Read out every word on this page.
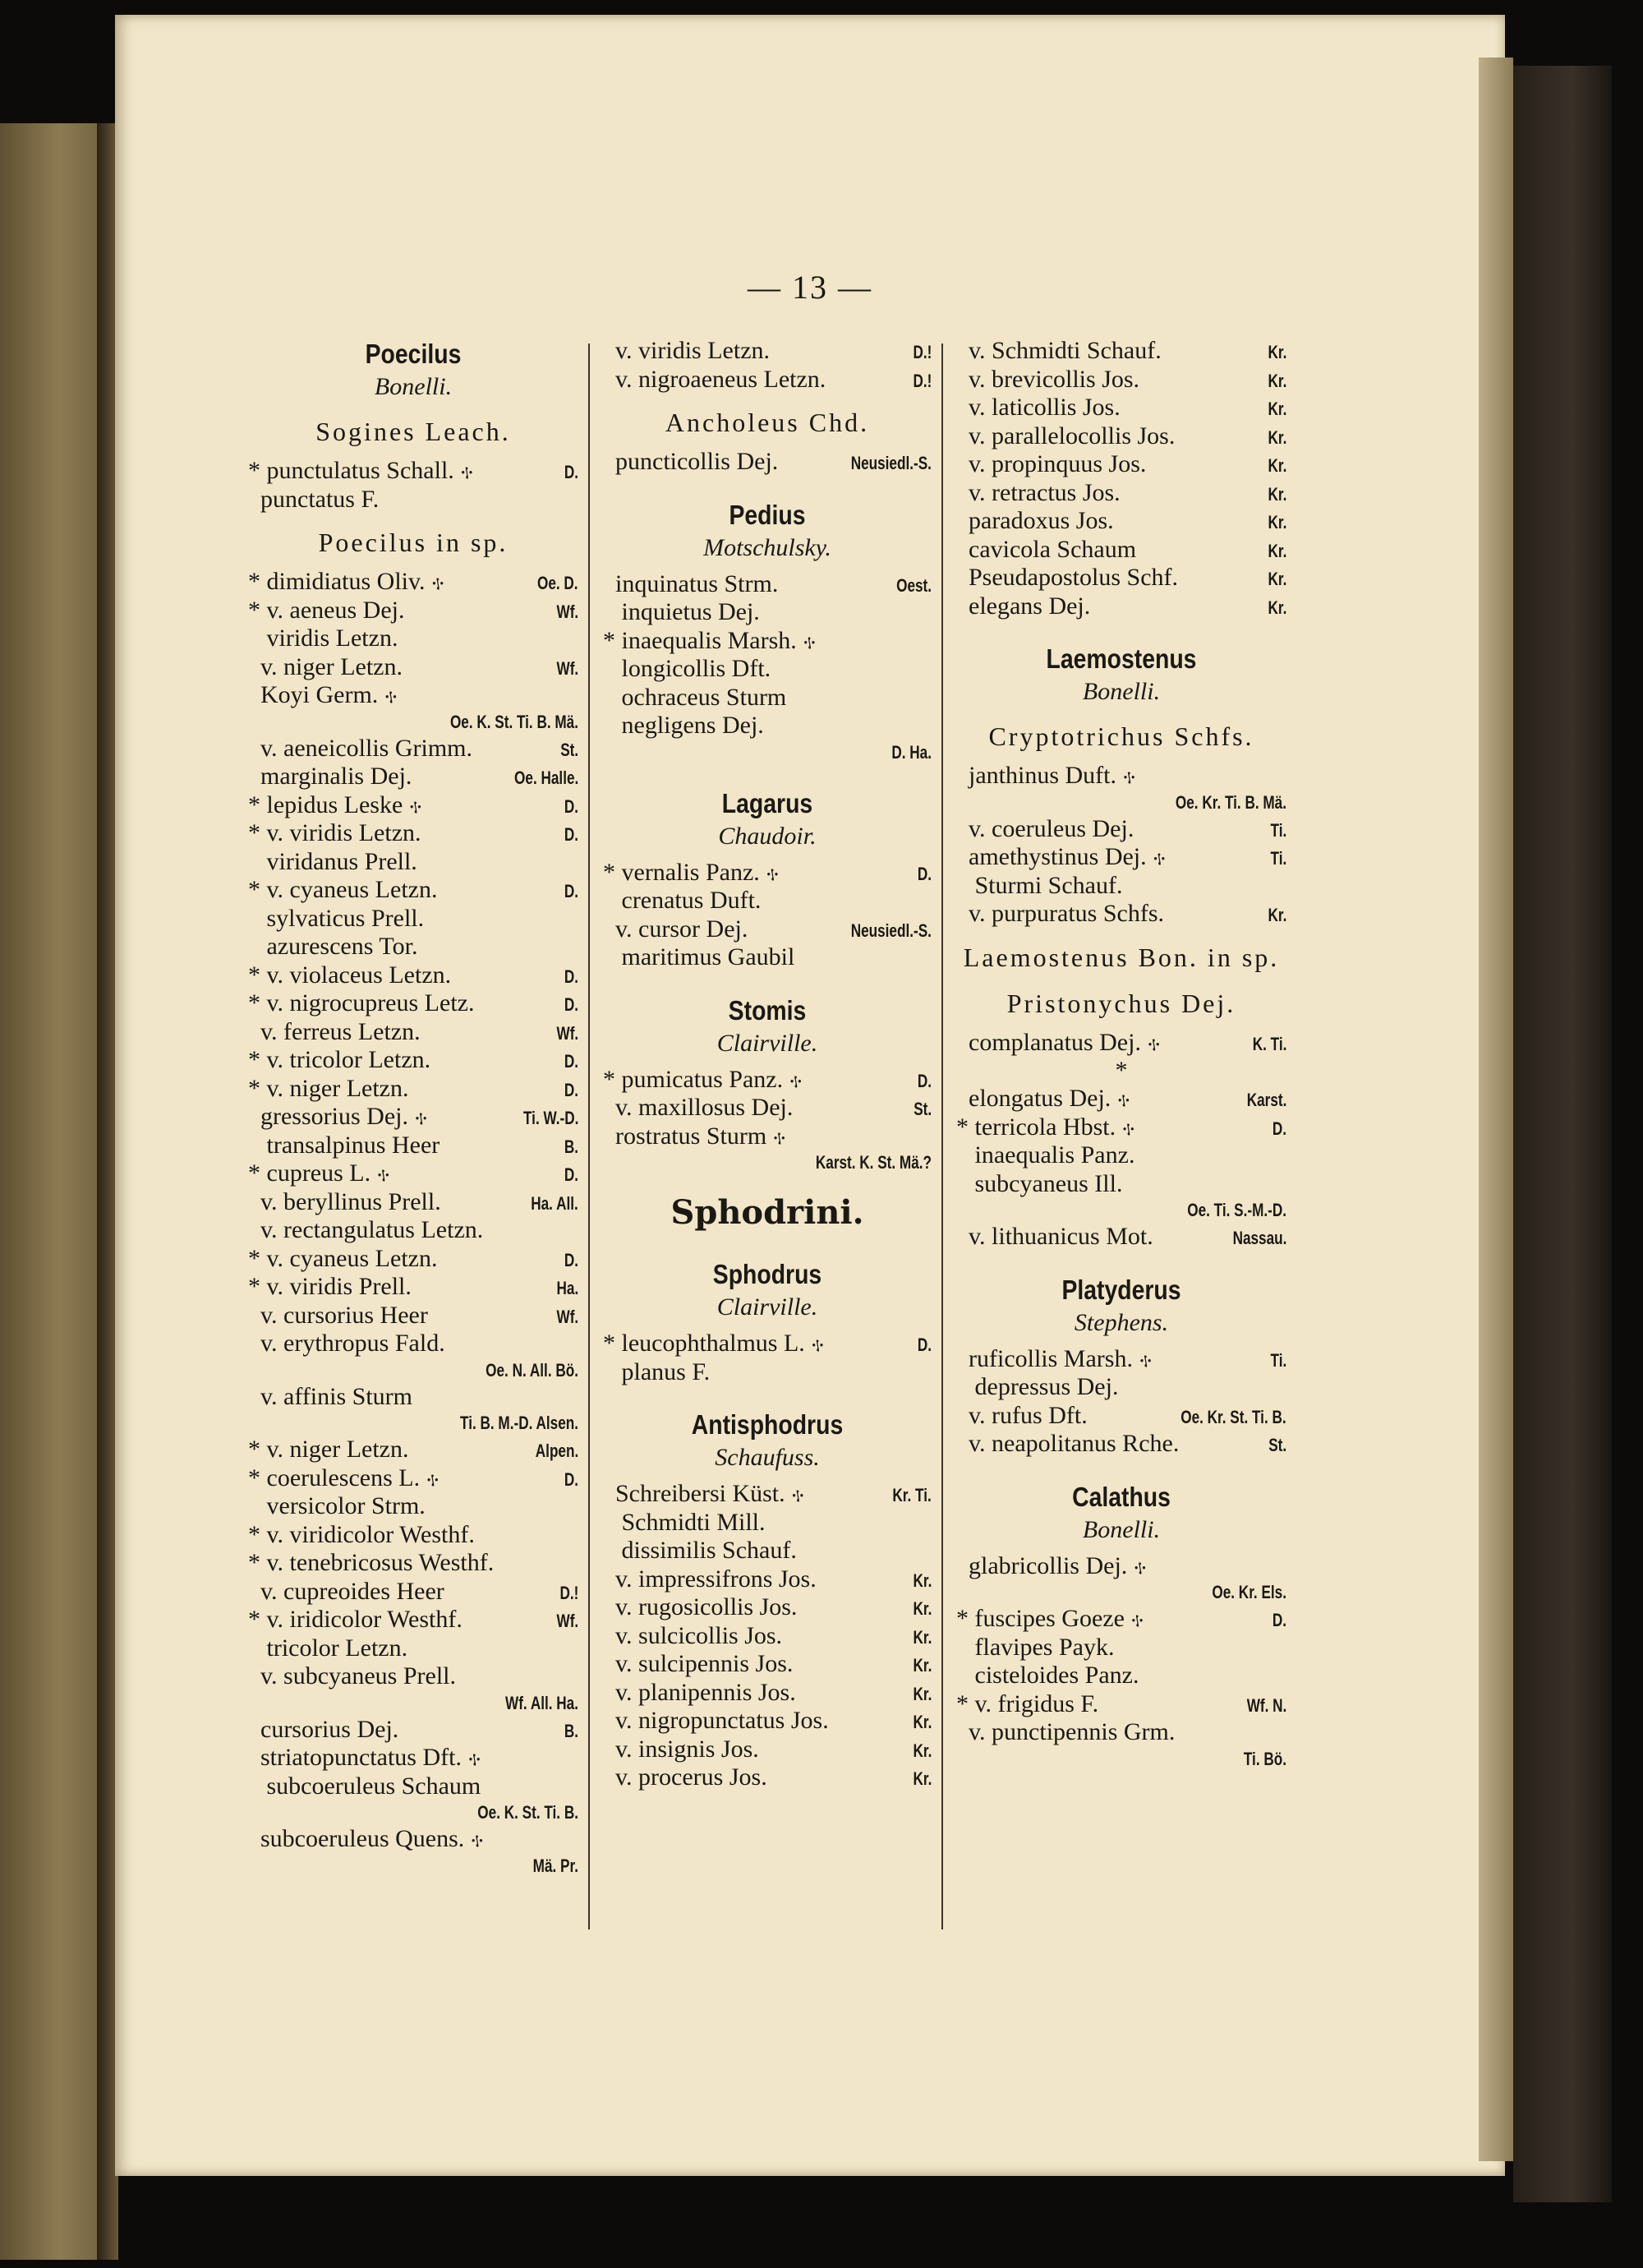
— 13 —
Poecilus
Bonelli.
Sogines Leach.
* punctulatus Schall. ⳾	D.
punctatus F.
Poecilus in sp.
* dimidiatus Oliv. ⳾	Oe. D.
* v. aeneus Dej.	Wf.
viridis Letzn.
v. niger Letzn.	Wf.
Koyi Germ. ⳾
Oe. K. St. Ti. B. Mä.
v. aeneicollis Grimm.	St.
marginalis Dej.	Oe. Halle.
* lepidus Leske ⳾	D.
* v. viridis Letzn.	D.
viridanus Prell.
* v. cyaneus Letzn.	D.
sylvaticus Prell.
azurescens Tor.
* v. violaceus Letzn.	D.
* v. nigrocupreus Letz.	D.
v. ferreus Letzn.	Wf.
* v. tricolor Letzn.	D.
* v. niger Letzn.	D.
gressorius Dej. ⳾	Ti. W.-D.
transalpinus Heer	B.
* cupreus L. ⳾	D.
v. beryllinus Prell.	Ha. All.
v. rectangulatus Letzn.
* v. cyaneus Letzn.	D.
* v. viridis Prell.	Ha.
v. cursorius Heer	Wf.
v. erythropus Fald.
Oe. N. All. Bö.
v. affinis Sturm
Ti. B. M.-D. Alsen.
* v. niger Letzn.	Alpen.
* coerulescens L. ⳾	D.
versicolor Strm.
* v. viridicolor Westhf.
* v. tenebricosus Westhf.
v. cupreoides Heer	D.!
* v. iridicolor Westhf.	Wf.
tricolor Letzn.
v. subcyaneus Prell.
Wf. All. Ha.
cursorius Dej.	B.
striatopunctatus Dft. ⳾
subcoeruleus Schaum
Oe. K. St. Ti. B.
subcoeruleus Quens. ⳾
Mä. Pr.
v. viridis Letzn.	D.!
v. nigroaeneus Letzn.	D.!
Ancholeus Chd.
puncticollis Dej.	Neusiedl.-S.
Pedius
Motschulsky.
inquinatus Strm.	Oest.
inquietus Dej.
* inaequalis Marsh. ⳾
longicollis Dft.
ochraceus Sturm
negligens Dej.
D. Ha.
Lagarus
Chaudoir.
* vernalis Panz. ⳾	D.
crenatus Duft.
v. cursor Dej.	Neusiedl.-S.
maritimus Gaubil
Stomis
Clairville.
* pumicatus Panz. ⳾	D.
v. maxillosus Dej.	St.
rostratus Sturm ⳾
Karst. K. St. Mä.?
Sphodrini.
Sphodrus
Clairville.
* leucophthalmus L. ⳾	D.
planus F.
Antisphodrus
Schaufuss.
Schreibersi Küst. ⳾	Kr. Ti.
Schmidti Mill.
dissimilis Schauf.
v. impressifrons Jos.	Kr.
v. rugosicollis Jos.	Kr.
v. sulcicollis Jos.	Kr.
v. sulcipennis Jos.	Kr.
v. planipennis Jos.	Kr.
v. nigropunctatus Jos.	Kr.
v. insignis Jos.	Kr.
v. procerus Jos.	Kr.
v. Schmidti Schauf.	Kr.
v. brevicollis Jos.	Kr.
v. laticollis Jos.	Kr.
v. parallelocollis Jos.	Kr.
v. propinquus Jos.	Kr.
v. retractus Jos.	Kr.
paradoxus Jos.	Kr.
cavicola Schaum	Kr.
Pseudapostolus Schf.	Kr.
elegans Dej.	Kr.
Laemostenus
Bonelli.
Cryptotrichus Schfs.
janthinus Duft. ⳾
Oe. Kr. Ti. B. Mä.
v. coeruleus Dej.	Ti.
amethystinus Dej. ⳾	Ti.
Sturmi Schauf.
v. purpuratus Schfs.	Kr.
Laemostenus Bon. in sp.
Pristonychus Dej.
complanatus Dej. ⳾	K. Ti.
*
elongatus Dej. ⳾	Karst.
* terricola Hbst. ⳾	D.
inaequalis Panz.
subcyaneus Ill.
Oe. Ti. S.-M.-D.
v. lithuanicus Mot.	Nassau.
Platyderus
Stephens.
ruficollis Marsh. ⳾	Ti.
depressus Dej.
v. rufus Dft.	Oe. Kr. St. Ti. B.
v. neapolitanus Rche.	St.
Calathus
Bonelli.
glabricollis Dej. ⳾
Oe. Kr. Els.
* fuscipes Goeze ⳾	D.
flavipes Payk.
cisteloides Panz.
* v. frigidus F.	Wf. N.
v. punctipennis Grm.
Ti. Bö.
